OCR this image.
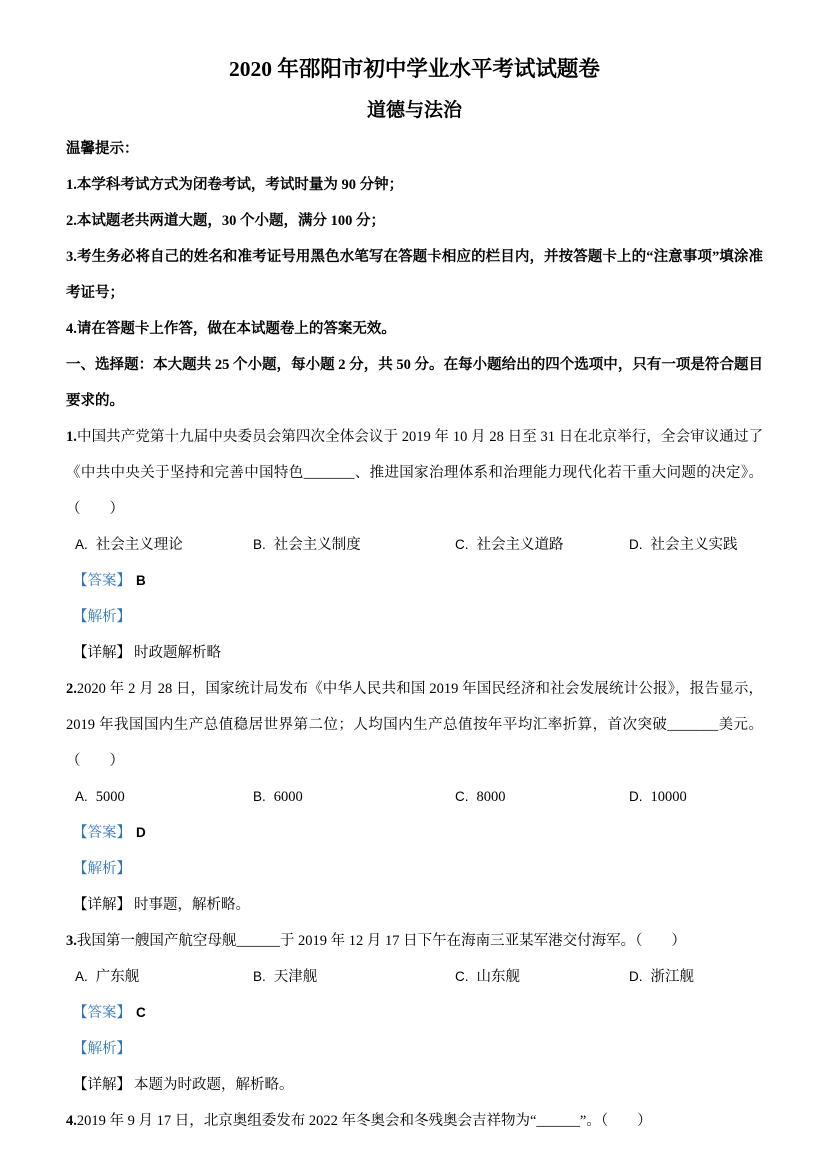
2020 年邵阳市初中学业水平考试试题卷
道德与法治

温馨提示：

1.本学科考试方式为闭卷考试，考试时量为 90 分钟；

2.本试题老共两道大题，30 个小题，满分 100 分；

3.考生务必将自己的姓名和准考证号用黑色水笔写在答题卡相应的栏目内，并按答题卡上的“注意事项”填涂准考证号；

4.请在答题卡上作答，做在本试题卷上的答案无效。

一、选择题：本大题共 25 个小题，每小题 2 分，共 50 分。在每小题给出的四个选项中，只有一项是符合题目要求的。

1.中国共产党第十九届中央委员会第四次全体会议于 2019 年 10 月 28 日至 31 日在北京举行，全会审议通过了《中共中央关于坚持和完善中国特色_______、推进国家治理体系和治理能力现代化若干重大问题的决定》。（　　）

A. 社会主义理论	B. 社会主义制度	C. 社会主义道路	D. 社会主义实践

【答案】 B

【解析】

【详解】 时政题解析略

2.2020 年 2 月 28 日，国家统计局发布《中华人民共和国 2019 年国民经济和社会发展统计公报》，报告显示，2019 年我国国内生产总值稳居世界第二位；人均国内生产总值按年平均汇率折算，首次突破_______美元。（　　）

A. 5000	B. 6000	C. 8000	D. 10000

【答案】 D

【解析】

【详解】 时事题，解析略。

3.我国第一艘国产航空母舰______于 2019 年 12 月 17 日下午在海南三亚某军港交付海军。（　　）

A. 广东舰	B. 天津舰	C. 山东舰	D. 浙江舰

【答案】 C

【解析】

【详解】 本题为时政题，解析略。

4.2019 年 9 月 17 日，北京奥组委发布 2022 年冬奥会和冬残奥会吉祥物为“______”。（　　）
